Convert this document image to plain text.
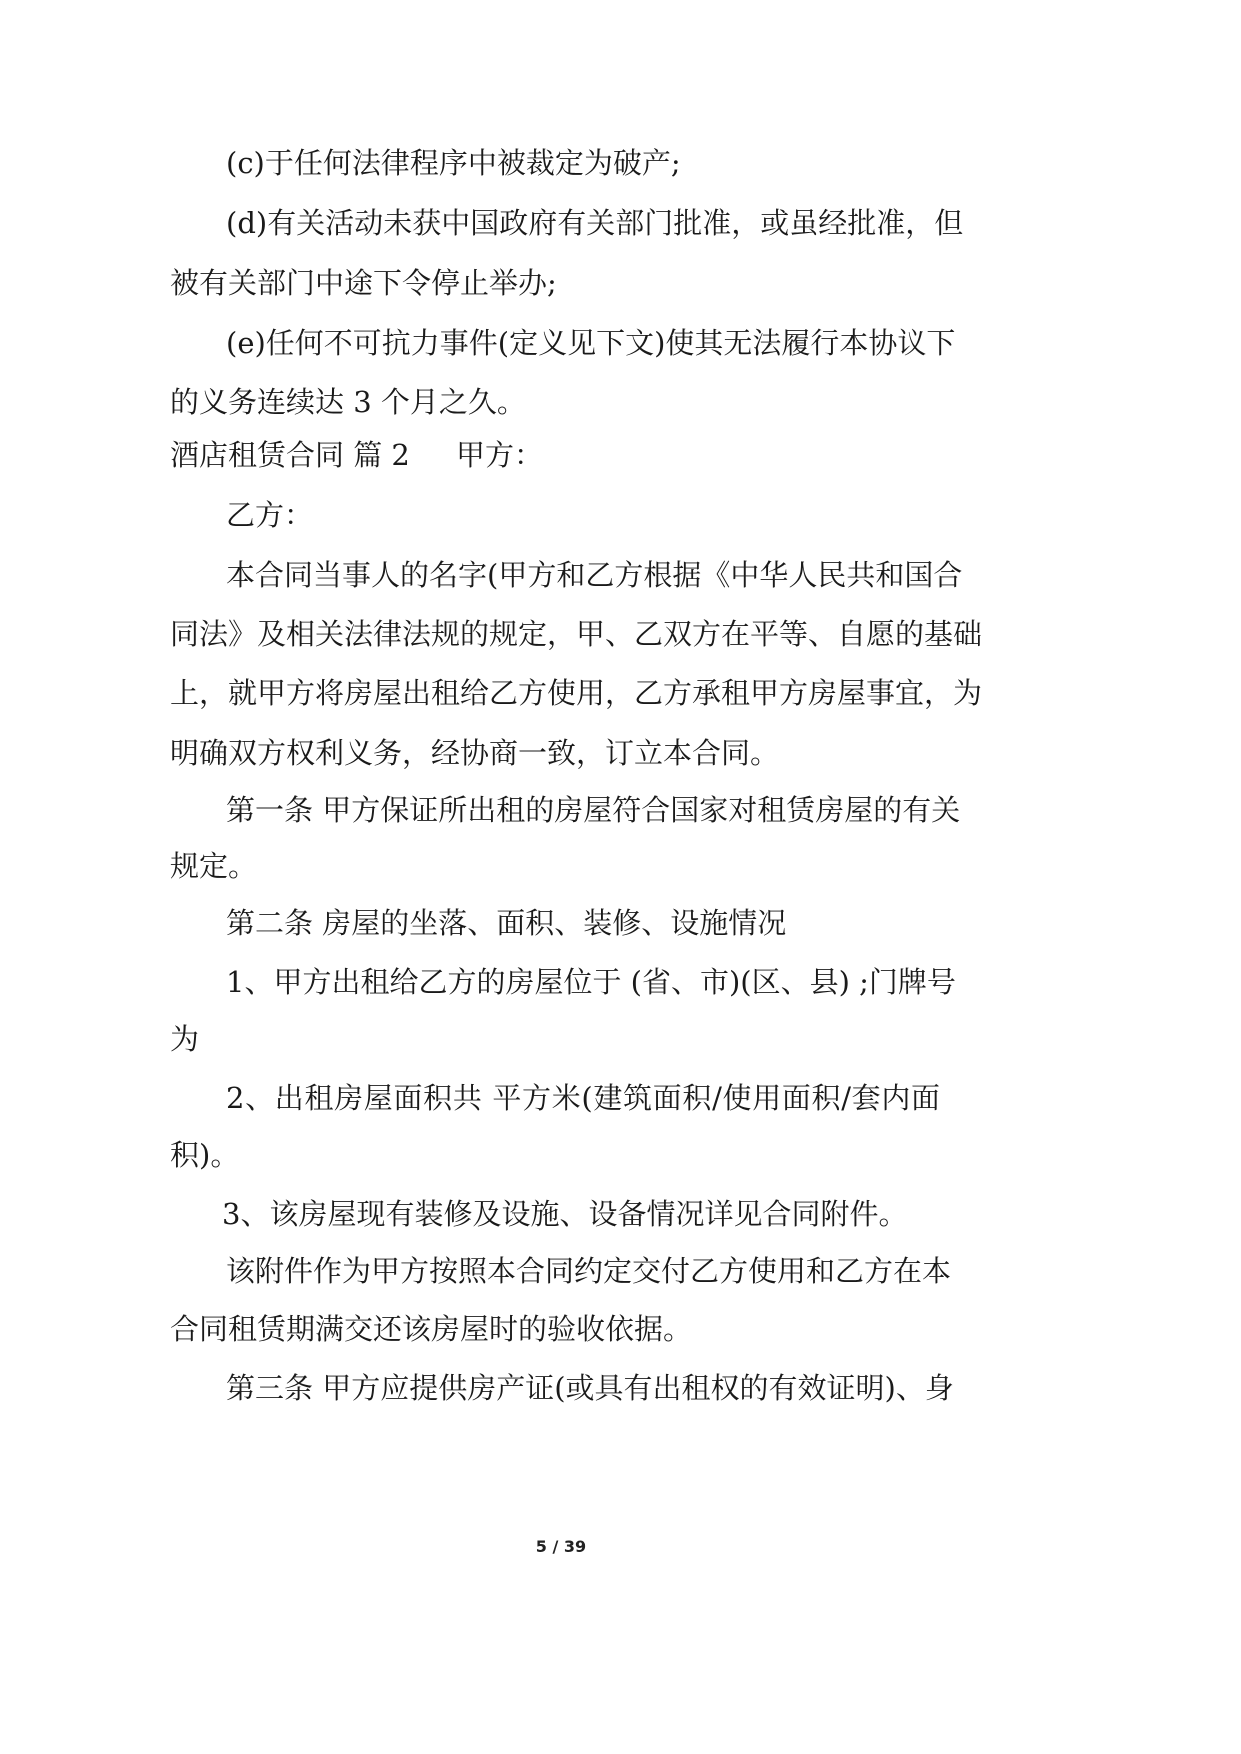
(c)于任何法律程序中被裁定为破产;
(d)有关活动未获中国政府有关部门批准，或虽经批准，但
被有关部门中途下令停止举办;
(e)任何不可抗力事件(定义见下文)使其无法履行本协议下
的义务连续达 3 个月之久。
酒店租赁合同 篇 2 甲方：
乙方：
本合同当事人的名字(甲方和乙方根据《中华人民共和国合
同法》及相关法律法规的规定，甲、乙双方在平等、自愿的基础
上，就甲方将房屋出租给乙方使用，乙方承租甲方房屋事宜，为
明确双方权利义务，经协商一致，订立本合同。
第一条 甲方保证所出租的房屋符合国家对租赁房屋的有关
规定。
第二条 房屋的坐落、面积、装修、设施情况
1、甲方出租给乙方的房屋位于 (省、市)(区、县) ;门牌号
为
2、出租房屋面积共 平方米(建筑面积/使用面积/套内面
积)。
3、该房屋现有装修及设施、设备情况详见合同附件。
该附件作为甲方按照本合同约定交付乙方使用和乙方在本
合同租赁期满交还该房屋时的验收依据。
第三条 甲方应提供房产证(或具有出租权的有效证明)、身
5 / 39
